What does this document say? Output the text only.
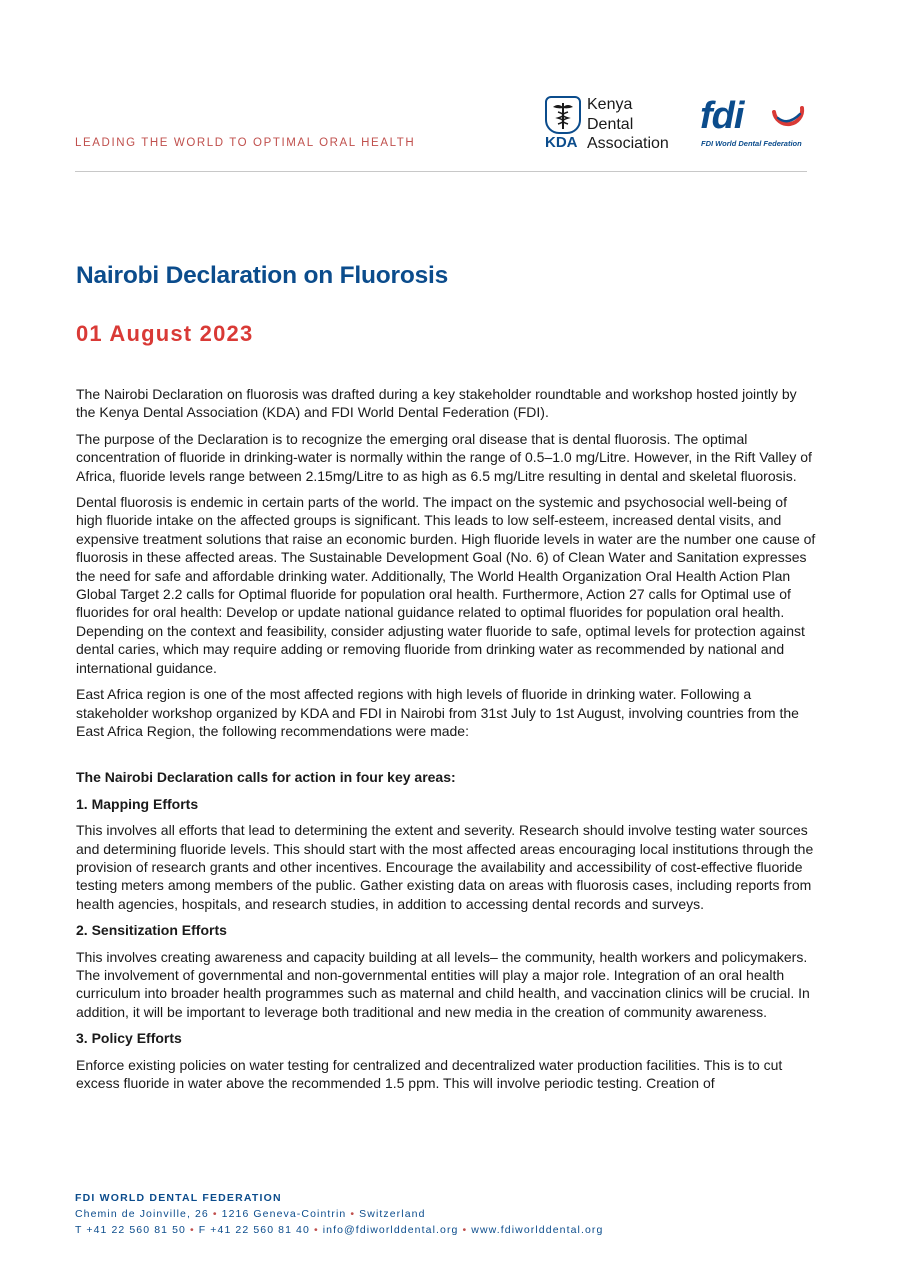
LEADING THE WORLD TO OPTIMAL ORAL HEALTH	KDA
Kenya
Dental
Association
fdi
FDI World Dental Federation
Nairobi Declaration on Fluorosis
01 August 2023

The Nairobi Declaration on fluorosis was drafted during a key stakeholder roundtable and workshop hosted jointly by the Kenya Dental Association (KDA) and FDI World Dental Federation (FDI).

The purpose of the Declaration is to recognize the emerging oral disease that is dental fluorosis. The optimal concentration of fluoride in drinking-water is normally within the range of 0.5–1.0 mg/Litre. However, in the Rift Valley of Africa, fluoride levels range between 2.15mg/Litre to as high as 6.5 mg/Litre resulting in dental and skeletal fluorosis.

Dental fluorosis is endemic in certain parts of the world. The impact on the systemic and psychosocial well-being of high fluoride intake on the affected groups is significant. This leads to low self-esteem, increased dental visits, and expensive treatment solutions that raise an economic burden. High fluoride levels in water are the number one cause of fluorosis in these affected areas. The Sustainable Development Goal (No. 6) of Clean Water and Sanitation expresses the need for safe and affordable drinking water. Additionally, The World Health Organization Oral Health Action Plan Global Target 2.2 calls for Optimal fluoride for population oral health. Furthermore, Action 27 calls for Optimal use of fluorides for oral health: Develop or update national guidance related to optimal fluorides for population oral health. Depending on the context and feasibility, consider adjusting water fluoride to safe, optimal levels for protection against dental caries, which may require adding or removing fluoride from drinking water as recommended by national and international guidance.

East Africa region is one of the most affected regions with high levels of fluoride in drinking water. Following a stakeholder workshop organized by KDA and FDI in Nairobi from 31st July to 1st August, involving countries from the East Africa Region, the following recommendations were made:

The Nairobi Declaration calls for action in four key areas:
1. Mapping Efforts

This involves all efforts that lead to determining the extent and severity. Research should involve testing water sources and determining fluoride levels. This should start with the most affected areas encouraging local institutions through the provision of research grants and other incentives. Encourage the availability and accessibility of cost-effective fluoride testing meters among members of the public. Gather existing data on areas with fluorosis cases, including reports from health agencies, hospitals, and research studies, in addition to accessing dental records and surveys.

2. Sensitization Efforts

This involves creating awareness and capacity building at all levels– the community, health workers and policymakers. The involvement of governmental and non-governmental entities will play a major role. Integration of an oral health curriculum into broader health programmes such as maternal and child health, and vaccination clinics will be crucial. In addition, it will be important to leverage both traditional and new media in the creation of community awareness.

3. Policy Efforts

Enforce existing policies on water testing for centralized and decentralized water production facilities. This is to cut excess fluoride in water above the recommended 1.5 ppm. This will involve periodic testing. Creation of

FDI WORLD DENTAL FEDERATION
Chemin de Joinville, 26 • 1216 Geneva-Cointrin • Switzerland
T +41 22 560 81 50 • F +41 22 560 81 40 • info@fdiworlddental.org • www.fdiworlddental.org
